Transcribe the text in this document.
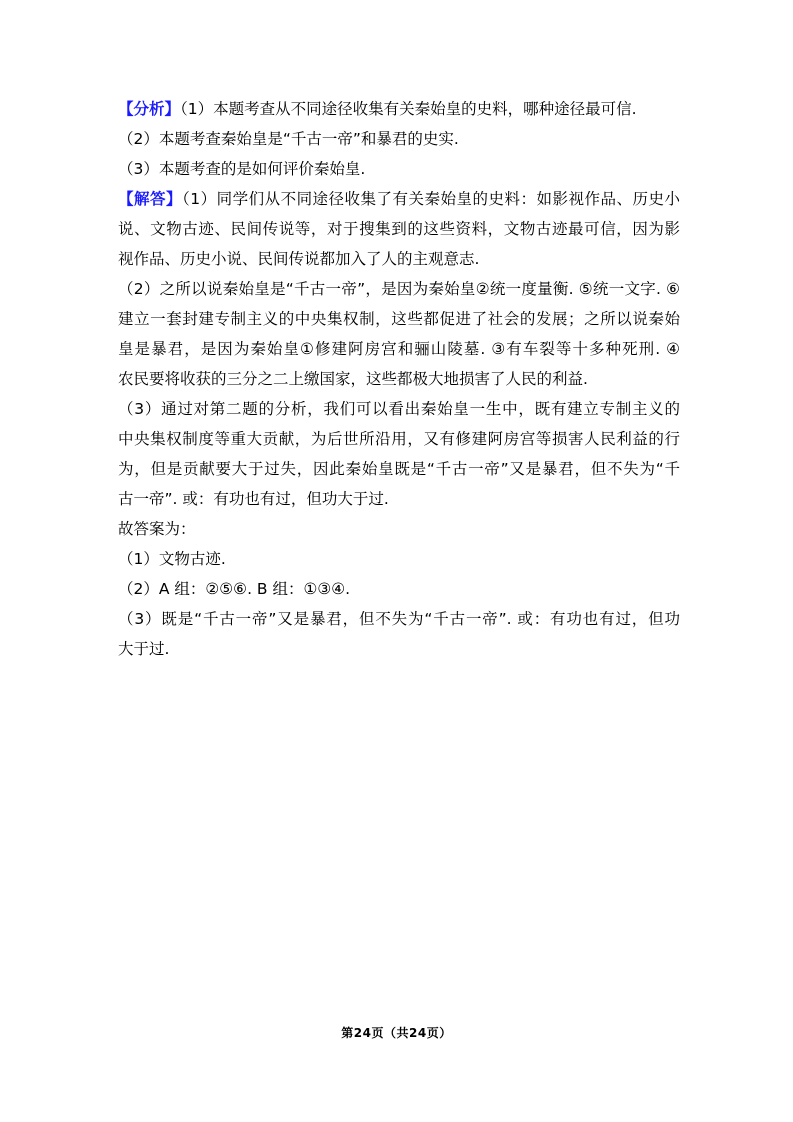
【分析】（1）本题考查从不同途径收集有关秦始皇的史料，哪种途径最可信.

（2）本题考查秦始皇是“千古一帝”和暴君的史实.

（3）本题考查的是如何评价秦始皇.

【解答】（1）同学们从不同途径收集了有关秦始皇的史料：如影视作品、历史小

说、文物古迹、民间传说等，对于搜集到的这些资料，文物古迹最可信，因为影

视作品、历史小说、民间传说都加入了人的主观意志.

（2）之所以说秦始皇是“千古一帝”，是因为秦始皇②统一度量衡. ⑤统一文字. ⑥

建立一套封建专制主义的中央集权制，这些都促进了社会的发展；之所以说秦始

皇是暴君，是因为秦始皇①修建阿房宫和骊山陵墓. ③有车裂等十多种死刑. ④

农民要将收获的三分之二上缴国家，这些都极大地损害了人民的利益.

（3）通过对第二题的分析，我们可以看出秦始皇一生中，既有建立专制主义的

中央集权制度等重大贡献，为后世所沿用，又有修建阿房宫等损害人民利益的行

为，但是贡献要大于过失，因此秦始皇既是“千古一帝”又是暴君，但不失为“千

古一帝”. 或：有功也有过，但功大于过.

故答案为：

（1）文物古迹.

（2）A 组：②⑤⑥. B 组：①③④.

（3）既是“千古一帝”又是暴君，但不失为“千古一帝”. 或：有功也有过，但功

大于过.

第24页（共24页）
